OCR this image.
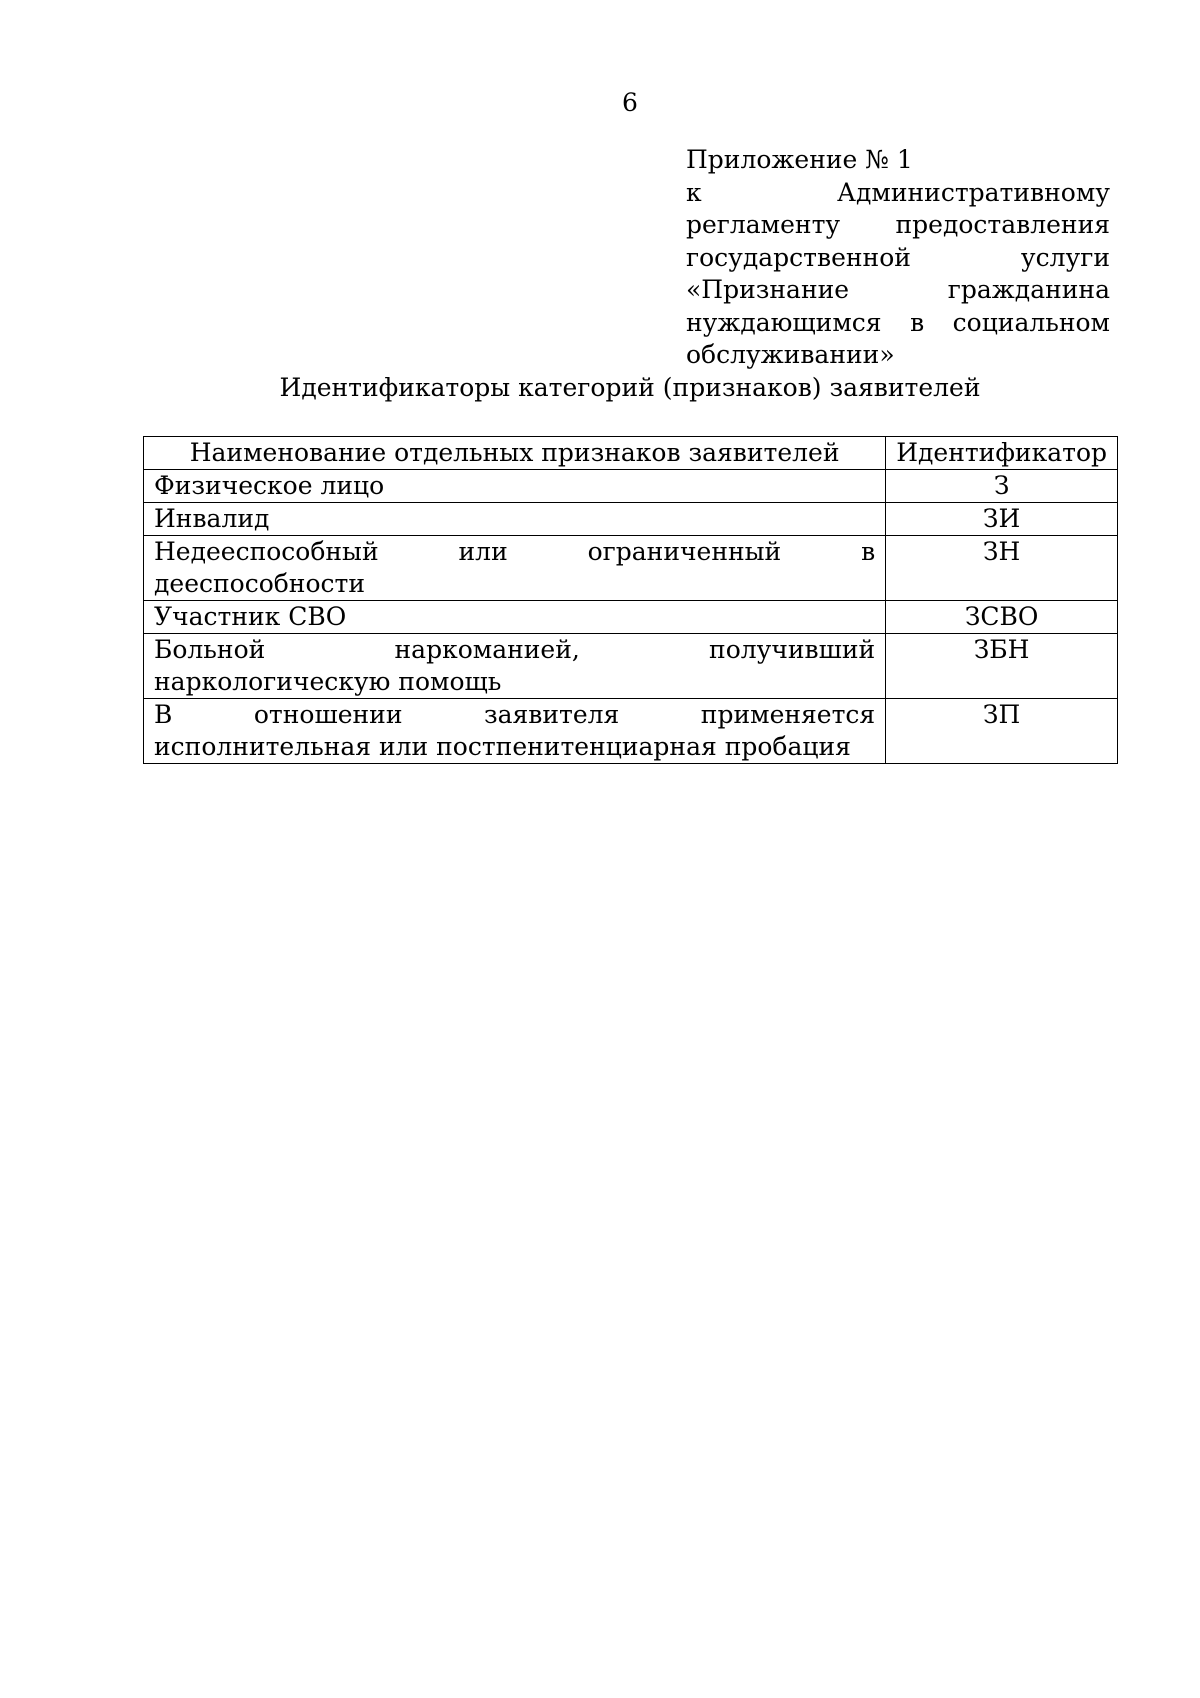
6
Приложение № 1
к Административному регламенту предоставления государственной услуги «Признание гражданина нуждающимся в социальном обслуживании»
Идентификаторы категорий (признаков) заявителей
Наименование отдельных признаков заявителей	Идентификатор
Физическое лицо	З
Инвалид	ЗИ
Недееспособный или ограниченный в дееспособности	ЗН
Участник СВО	ЗСВО
Больной наркоманией, получивший наркологическую помощь	ЗБН
В отношении заявителя применяется исполнительная или постпенитенциарная пробация	ЗП
